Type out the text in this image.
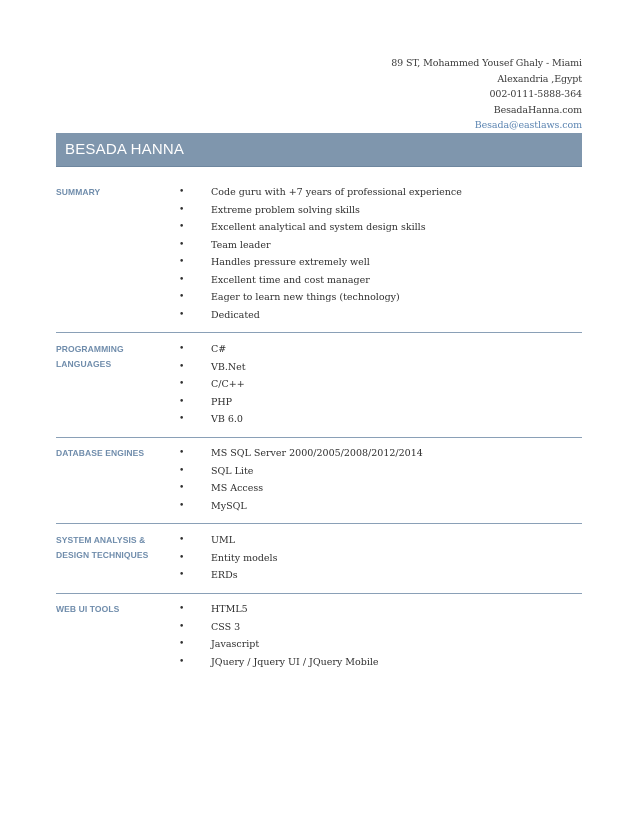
89 ST, Mohammed Yousef Ghaly - Miami
Alexandria ,Egypt
002-0111-5888-364
BesadaHanna.com
Besada@eastlaws.com
BESADA HANNA
SUMMARY	•	Code guru with +7 years of professional experience
•	Extreme problem solving skills
•	Excellent analytical and system design skills
•	Team leader
•	Handles pressure extremely well
•	Excellent time and cost manager
•	Eager to learn new things (technology)
•	Dedicated
PROGRAMMING
LANGUAGES
•	C#
•	VB.Net
•	C/C++
•	PHP
•	VB 6.0
DATABASE ENGINES	•	MS SQL Server 2000/2005/2008/2012/2014
•	SQL Lite
•	MS Access
•	MySQL
SYSTEM ANALYSIS &
DESIGN TECHNIQUES
•	UML
•	Entity models
•	ERDs
WEB UI TOOLS	•	HTML5
•	CSS 3
•	Javascript
•	JQuery / Jquery UI / JQuery Mobile
